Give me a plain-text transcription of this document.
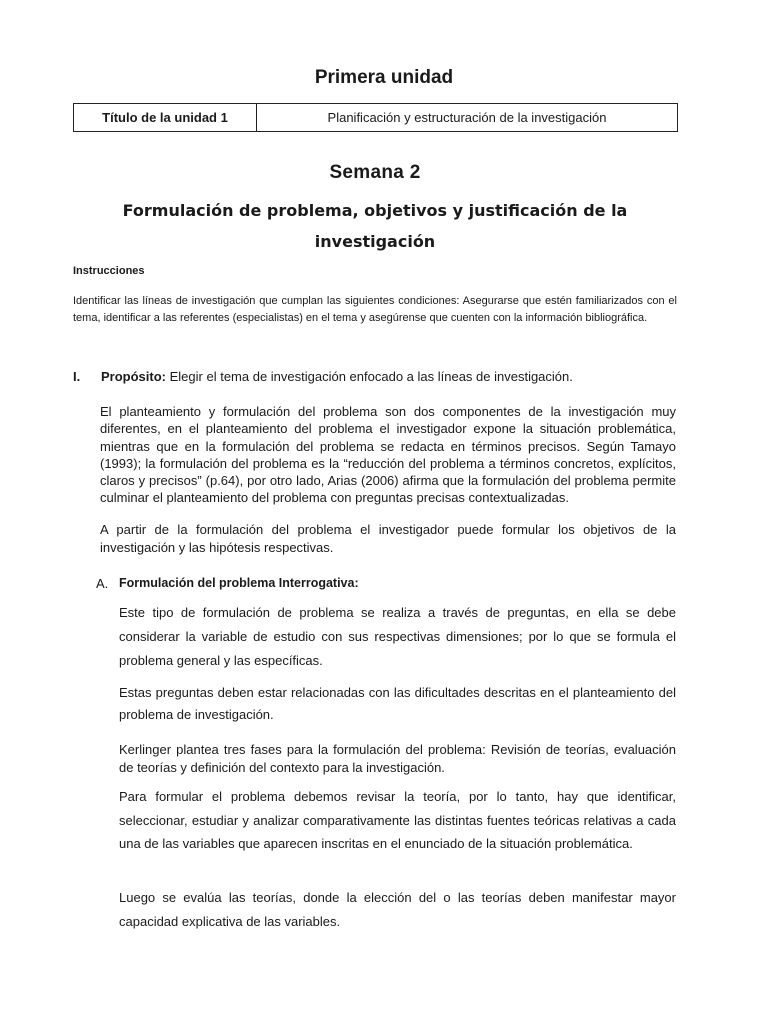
Primera unidad
Título de la unidad 1	Planificación y estructuración de la investigación
Semana 2
Formulación de problema, objetivos y justificación de la investigación
Instrucciones
Identificar las líneas de investigación que cumplan las siguientes condiciones: Asegurarse que estén familiarizados con el tema, identificar a las referentes (especialistas) en el tema y asegúrense que cuenten con la información bibliográfica.
I. Propósito: Elegir el tema de investigación enfocado a las líneas de investigación.
El planteamiento y formulación del problema son dos componentes de la investigación muy diferentes, en el planteamiento del problema el investigador expone la situación problemática, mientras que en la formulación del problema se redacta en términos precisos. Según Tamayo (1993); la formulación del problema es la “reducción del problema a términos concretos, explícitos, claros y precisos” (p.64), por otro lado, Arias (2006) afirma que la formulación del problema permite culminar el planteamiento del problema con preguntas precisas contextualizadas.
A partir de la formulación del problema el investigador puede formular los objetivos de la investigación y las hipótesis respectivas.
A. Formulación del problema Interrogativa:
Este tipo de formulación de problema se realiza a través de preguntas, en ella se debe considerar la variable de estudio con sus respectivas dimensiones; por lo que se formula el problema general y las específicas.
Estas preguntas deben estar relacionadas con las dificultades descritas en el planteamiento del problema de investigación.
Kerlinger plantea tres fases para la formulación del problema: Revisión de teorías, evaluación de teorías y definición del contexto para la investigación.
Para formular el problema debemos revisar la teoría, por lo tanto, hay que identificar, seleccionar, estudiar y analizar comparativamente las distintas fuentes teóricas relativas a cada una de las variables que aparecen inscritas en el enunciado de la situación problemática.
Luego se evalúa las teorías, donde la elección del o las teorías deben manifestar mayor capacidad explicativa de las variables.
